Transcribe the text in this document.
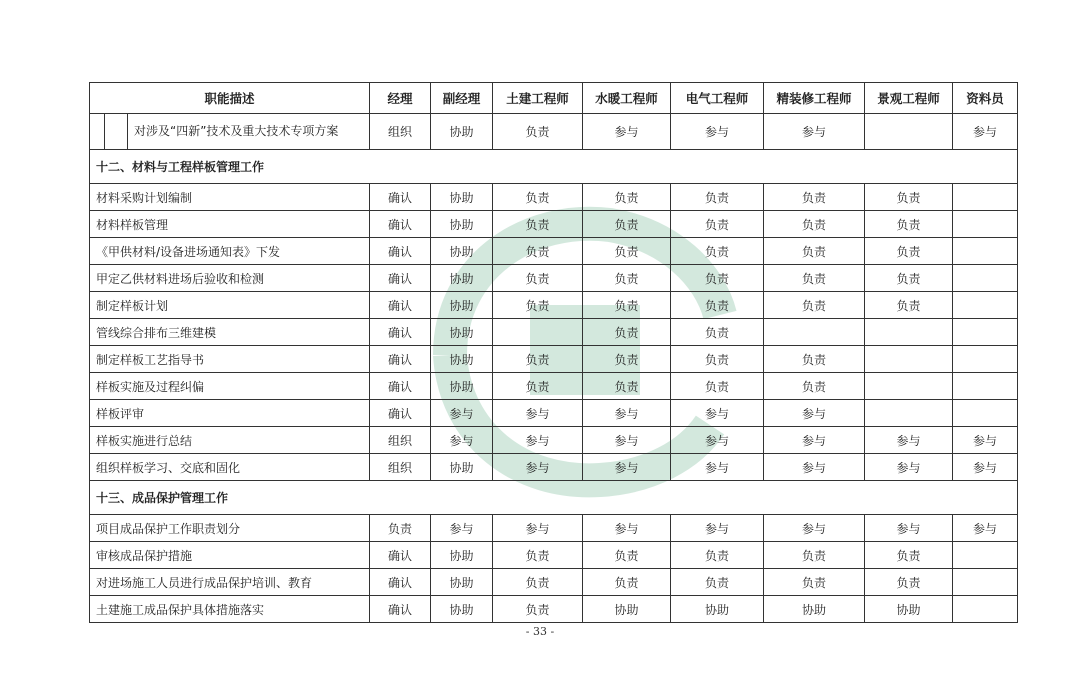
职能描述	经理	副经理	土建工程师	水暖工程师	电气工程师	精装修工程师	景观工程师	资料员

对涉及“四新”技术及重大技术专项方案	组织	协助	负责	参与	参与	参与		参与
十二、材料与工程样板管理工作								
材料采购计划编制	确认	协助	负责	负责	负责	负责	负责	
材料样板管理	确认	协助	负责	负责	负责	负责	负责	
《甲供材料/设备进场通知表》下发	确认	协助	负责	负责	负责	负责	负责	
甲定乙供材料进场后验收和检测	确认	协助	负责	负责	负责	负责	负责	
制定样板计划	确认	协助	负责	负责	负责	负责	负责	
管线综合排布三维建模	确认	协助		负责	负责			
制定样板工艺指导书	确认	协助	负责	负责	负责	负责		
样板实施及过程纠偏	确认	协助	负责	负责	负责	负责		
样板评审	确认	参与	参与	参与	参与	参与		
样板实施进行总结	组织	参与	参与	参与	参与	参与	参与	参与
组织样板学习、交底和固化	组织	协助	参与	参与	参与	参与	参与	参与
十三、成品保护管理工作								
项目成品保护工作职责划分	负责	参与	参与	参与	参与	参与	参与	参与
审核成品保护措施	确认	协助	负责	负责	负责	负责	负责	
对进场施工人员进行成品保护培训、教育	确认	协助	负责	负责	负责	负责	负责	
土建施工成品保护具体措施落实	确认	协助	负责	协助	协助	协助	协助	
- 33 -
